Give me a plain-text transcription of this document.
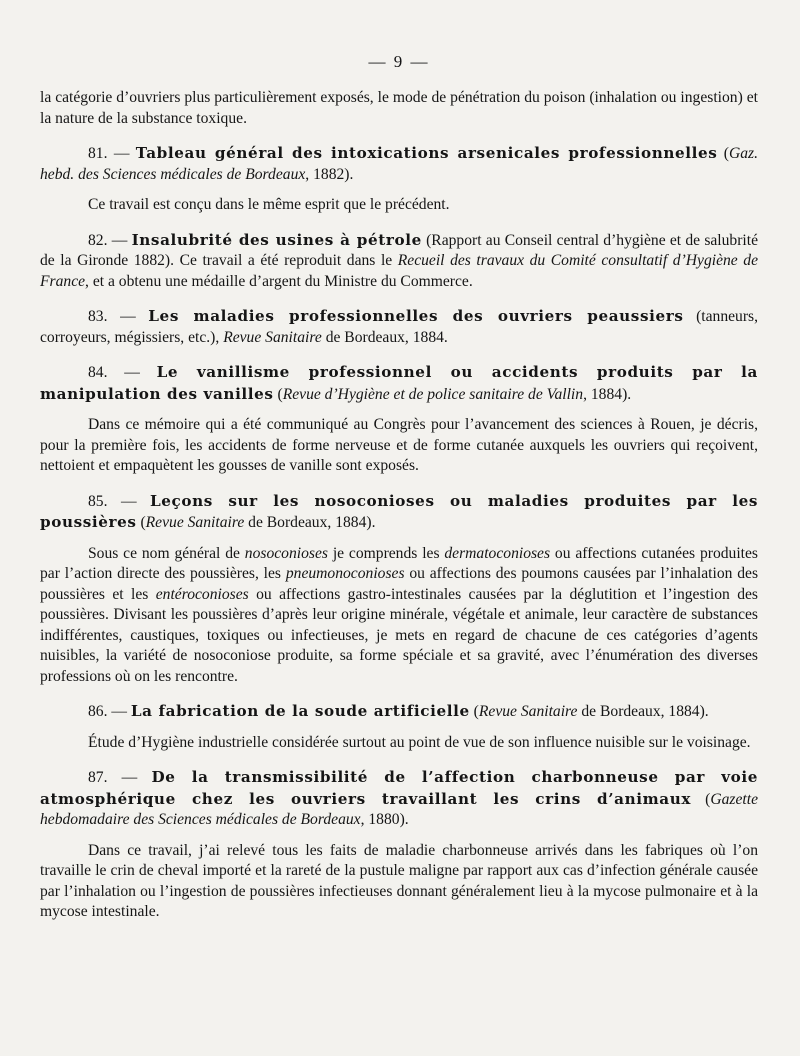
— 9 —

la catégorie d’ouvriers plus particulièrement exposés, le mode de pénétration du poison (inhalation ou ingestion) et la nature de la substance toxique.

81. — Tableau général des intoxications arsenicales professionnelles (Gaz. hebd. des Sciences médicales de Bordeaux, 1882).

Ce travail est conçu dans le même esprit que le précédent.

82. — Insalubrité des usines à pétrole (Rapport au Conseil central d’hygiène et de salubrité de la Gironde 1882). Ce travail a été reproduit dans le Recueil des travaux du Comité consultatif d’Hygiène de France, et a obtenu une médaille d’argent du Ministre du Commerce.

83. — Les maladies professionnelles des ouvriers peaussiers (tanneurs, corroyeurs, mégissiers, etc.), Revue Sanitaire de Bordeaux, 1884.

84. — Le vanillisme professionnel ou accidents produits par la manipulation des vanilles (Revue d’Hygiène et de police sanitaire de Vallin, 1884).

Dans ce mémoire qui a été communiqué au Congrès pour l’avancement des sciences à Rouen, je décris, pour la première fois, les accidents de forme nerveuse et de forme cutanée auxquels les ouvriers qui reçoivent, nettoient et empaquètent les gousses de vanille sont exposés.

85. — Leçons sur les nosoconioses ou maladies produites par les poussières (Revue Sanitaire de Bordeaux, 1884).

Sous ce nom général de nosoconioses je comprends les dermatoconioses ou affections cutanées produites par l’action directe des poussières, les pneumonoconioses ou affections des poumons causées par l’inhalation des poussières et les entéroconioses ou affections gastro-intestinales causées par la déglutition et l’ingestion des poussières. Divisant les poussières d’après leur origine minérale, végétale et animale, leur caractère de substances indifférentes, caustiques, toxiques ou infectieuses, je mets en regard de chacune de ces catégories d’agents nuisibles, la variété de nosoconiose produite, sa forme spéciale et sa gravité, avec l’énumération des diverses professions où on les rencontre.

86. — La fabrication de la soude artificielle (Revue Sanitaire de Bordeaux, 1884).

Étude d’Hygiène industrielle considérée surtout au point de vue de son influence nuisible sur le voisinage.

87. — De la transmissibilité de l’affection charbonneuse par voie atmosphérique chez les ouvriers travaillant les crins d’animaux (Gazette hebdomadaire des Sciences médicales de Bordeaux, 1880).

Dans ce travail, j’ai relevé tous les faits de maladie charbonneuse arrivés dans les fabriques où l’on travaille le crin de cheval importé et la rareté de la pustule maligne par rapport aux cas d’infection générale causée par l’inhalation ou l’ingestion de poussières infectieuses donnant généralement lieu à la mycose pulmonaire et à la mycose intestinale.
